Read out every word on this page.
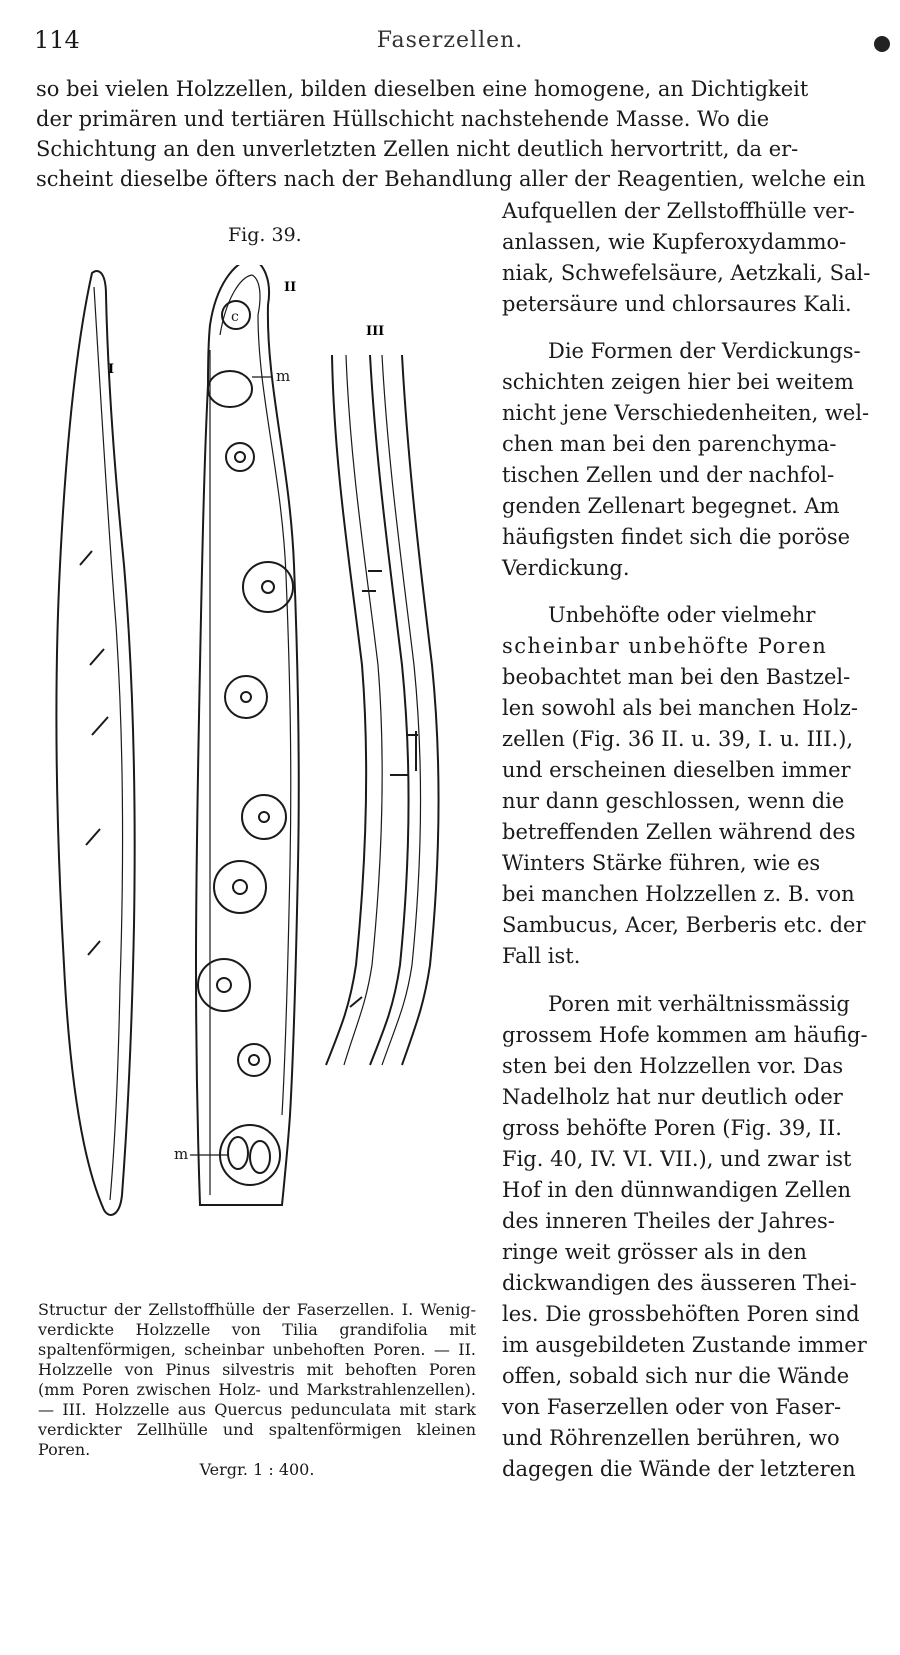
114	Faserzellen.
so bei vielen Holzzellen, bilden dieselben eine homogene, an Dichtigkeit
der primären und tertiären Hüllschicht nachstehende Masse. Wo die
Schichtung an den unverletzten Zellen nicht deutlich hervortritt, da er-
scheint dieselbe öfters nach der Behandlung aller der Reagentien, welche ein
Aufquellen der Zellstoffhülle ver-
anlassen, wie Kupferoxydammo-
niak, Schwefelsäure, Aetzkali, Sal-
petersäure und chlorsaures Kali.
Die Formen der Verdickungs-
schichten zeigen hier bei weitem
nicht jene Verschiedenheiten, wel-
chen man bei den parenchyma-
tischen Zellen und der nachfol-
genden Zellenart begegnet. Am
häufigsten findet sich die poröse
Verdickung.
Unbehöfte oder vielmehr
scheinbar unbehöfte Poren
beobachtet man bei den Bastzel-
len sowohl als bei manchen Holz-
zellen (Fig. 36 II. u. 39, I. u. III.),
und erscheinen dieselben immer
nur dann geschlossen, wenn die
betreffenden Zellen während des
Winters Stärke führen, wie es
bei manchen Holzzellen z. B. von
Sambucus, Acer, Berberis etc. der
Fall ist.
Poren mit verhältnissmässig
grossem Hofe kommen am häufig-
sten bei den Holzzellen vor. Das
Nadelholz hat nur deutlich oder
gross behöfte Poren (Fig. 39, II.
Fig. 40, IV. VI. VII.), und zwar ist
Hof in den dünnwandigen Zellen
des inneren Theiles der Jahres-
ringe weit grösser als in den
dickwandigen des äusseren Thei-
les. Die grossbehöften Poren sind
im ausgebildeten Zustande immer
offen, sobald sich nur die Wände
von Faserzellen oder von Faser-
und Röhrenzellen berühren, wo
dagegen die Wände der letzteren
Fig. 39.
I
c
II
m
m
III

Structur der Zellstoffhülle der Faserzellen. I. Wenig-verdickte Holzzelle von Tilia grandifolia mit spaltenförmigen, scheinbar unbehoften Poren. — II. Holzzelle von Pinus silvestris mit behoften Poren (mm Poren zwischen Holz- und Markstrahlenzellen). — III. Holzzelle aus Quercus pedunculata mit stark verdickter Zellhülle und spaltenförmigen kleinen Poren.

Vergr. 1 : 400.
